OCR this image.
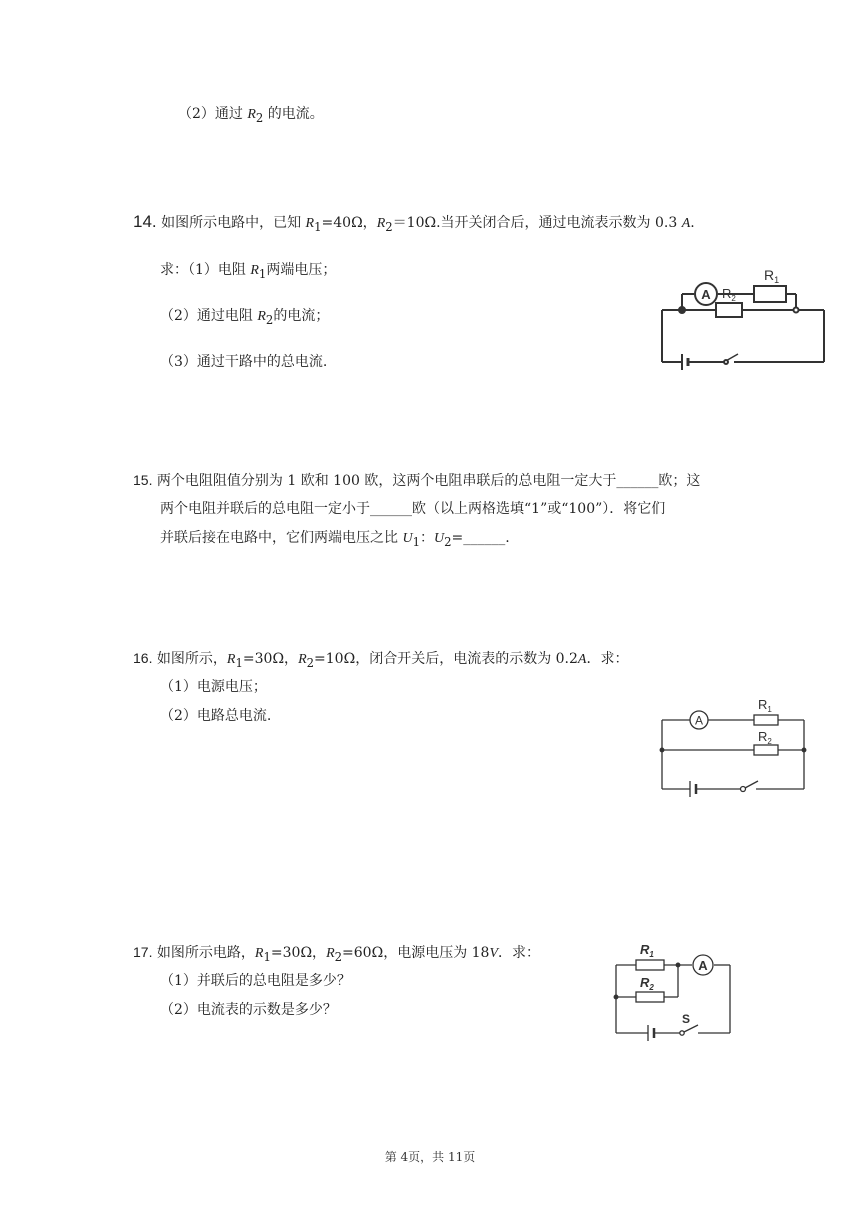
（2）通过 $R_2$ 的电流。
14. 如图所示电路中，已知 $R_1=40\Omega$，$R_2=10\Omega$.当开关闭合后，通过电流表示数为 0.3 A.
求：（1）电阻 $R_1$两端电压；
（2）通过电阻 $R_2$的电流；
（3）通过干路中的总电流.
A
$R_1$
$R_2$
15. 两个电阻阻值分别为 1 欧和 100 欧，这两个电阻串联后的总电阻一定大于______欧；这
两个电阻并联后的总电阻一定小于______欧（以上两格选填“1”或“100”）．将它们
并联后接在电路中，它们两端电压之比 $U_1$：$U_2=\_\_\_\_\_\_$.
16. 如图所示，$R_1=30\Omega$，$R_2=10\Omega$，闭合开关后，电流表的示数为 0.2A．求：
（1）电源电压；
（2）电路总电流.	A
$R_1$
$R_2$
17. 如图所示电路，$R_1=30\Omega$，$R_2=60\Omega$，电源电压为 18V．求：
（1）并联后的总电阻是多少？
（2）电流表的示数是多少？
$R_1$
$R_2$
A
S
第 4页，共 11页
